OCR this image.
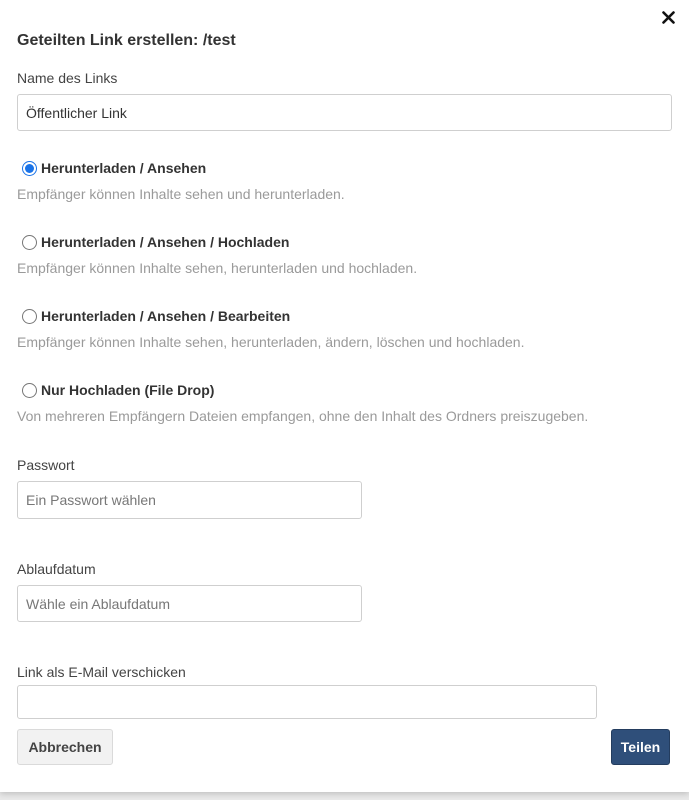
Geteilten Link erstellen: /test
Name des Links
Öffentlicher Link
Herunterladen / Ansehen
Empfänger können Inhalte sehen und herunterladen.
Herunterladen / Ansehen / Hochladen
Empfänger können Inhalte sehen, herunterladen und hochladen.
Herunterladen / Ansehen / Bearbeiten
Empfänger können Inhalte sehen, herunterladen, ändern, löschen und hochladen.
Nur Hochladen (File Drop)
Von mehreren Empfängern Dateien empfangen, ohne den Inhalt des Ordners preiszugeben.
Passwort
Ablaufdatum
Wähle ein Ablaufdatum
Link als E-Mail verschicken
Abbrechen	Teilen
